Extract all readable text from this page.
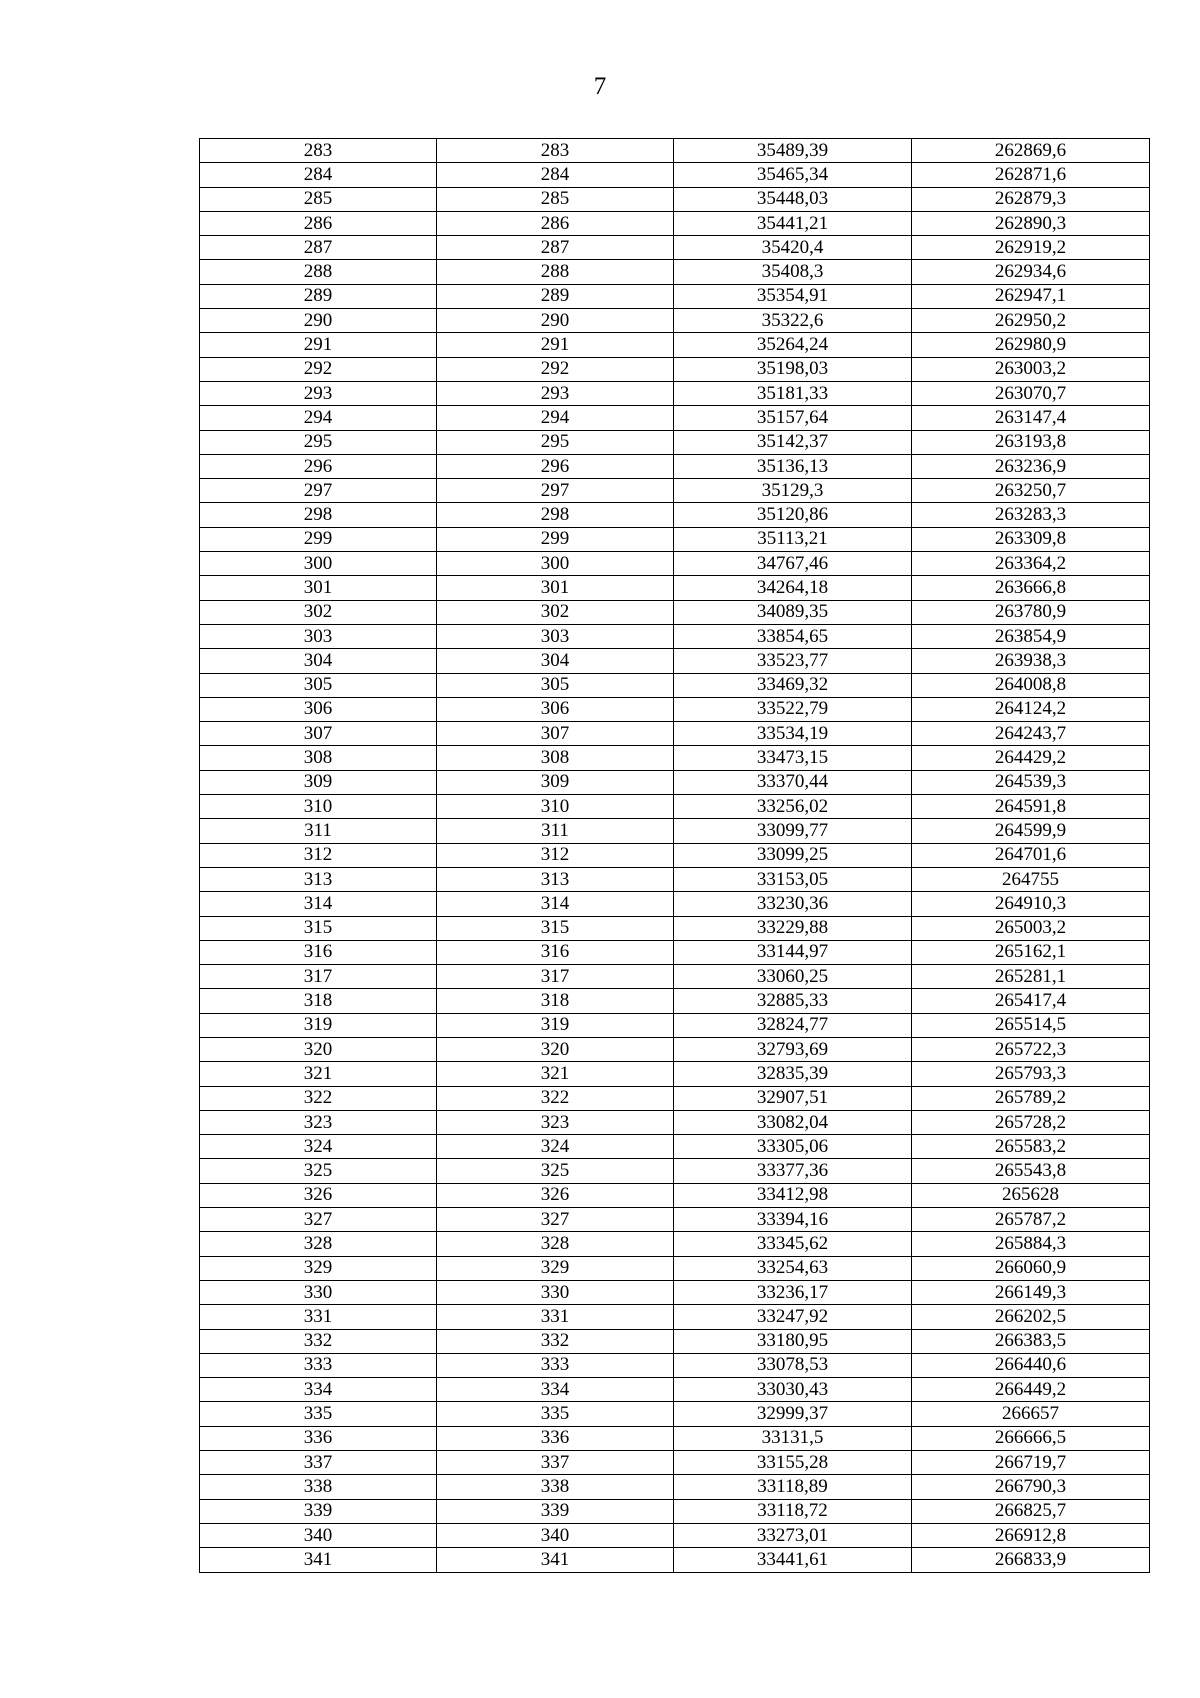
7
283	283	35489,39	262869,6
284	284	35465,34	262871,6
285	285	35448,03	262879,3
286	286	35441,21	262890,3
287	287	35420,4	262919,2
288	288	35408,3	262934,6
289	289	35354,91	262947,1
290	290	35322,6	262950,2
291	291	35264,24	262980,9
292	292	35198,03	263003,2
293	293	35181,33	263070,7
294	294	35157,64	263147,4
295	295	35142,37	263193,8
296	296	35136,13	263236,9
297	297	35129,3	263250,7
298	298	35120,86	263283,3
299	299	35113,21	263309,8
300	300	34767,46	263364,2
301	301	34264,18	263666,8
302	302	34089,35	263780,9
303	303	33854,65	263854,9
304	304	33523,77	263938,3
305	305	33469,32	264008,8
306	306	33522,79	264124,2
307	307	33534,19	264243,7
308	308	33473,15	264429,2
309	309	33370,44	264539,3
310	310	33256,02	264591,8
311	311	33099,77	264599,9
312	312	33099,25	264701,6
313	313	33153,05	264755
314	314	33230,36	264910,3
315	315	33229,88	265003,2
316	316	33144,97	265162,1
317	317	33060,25	265281,1
318	318	32885,33	265417,4
319	319	32824,77	265514,5
320	320	32793,69	265722,3
321	321	32835,39	265793,3
322	322	32907,51	265789,2
323	323	33082,04	265728,2
324	324	33305,06	265583,2
325	325	33377,36	265543,8
326	326	33412,98	265628
327	327	33394,16	265787,2
328	328	33345,62	265884,3
329	329	33254,63	266060,9
330	330	33236,17	266149,3
331	331	33247,92	266202,5
332	332	33180,95	266383,5
333	333	33078,53	266440,6
334	334	33030,43	266449,2
335	335	32999,37	266657
336	336	33131,5	266666,5
337	337	33155,28	266719,7
338	338	33118,89	266790,3
339	339	33118,72	266825,7
340	340	33273,01	266912,8
341	341	33441,61	266833,9
